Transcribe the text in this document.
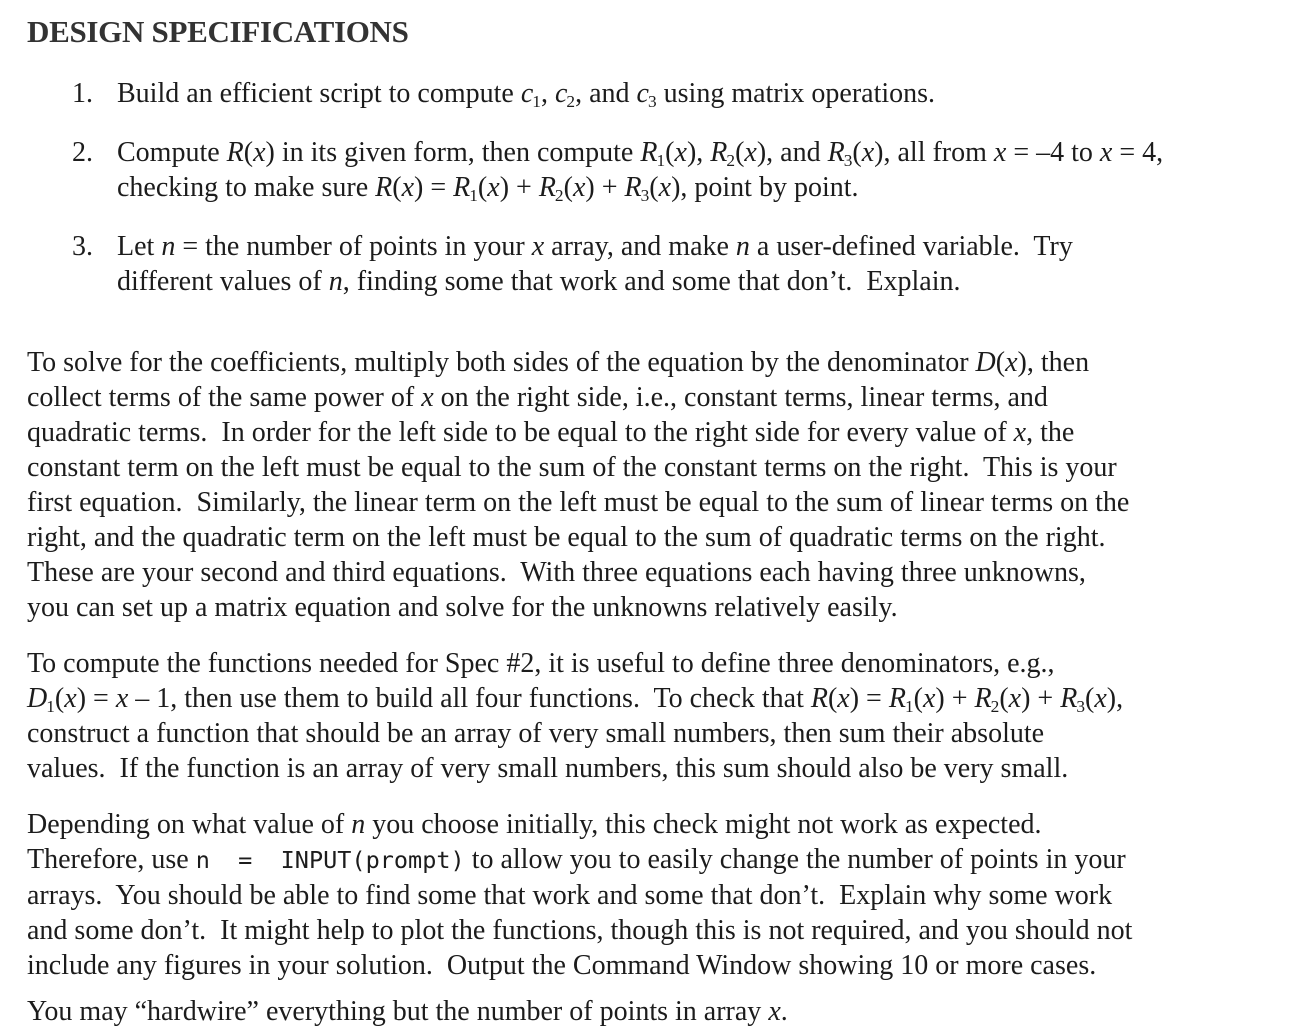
DESIGN SPECIFICATIONS
1. Build an efficient script to compute c1, c2, and c3 using matrix operations.
2. Compute R(x) in its given form, then compute R1(x), R2(x), and R3(x), all from x = –4 to x = 4,
checking to make sure R(x) = R1(x) + R2(x) + R3(x), point by point.
3. Let n = the number of points in your x array, and make n a user-defined variable.  Try
different values of n, finding some that work and some that don’t.  Explain.
To solve for the coefficients, multiply both sides of the equation by the denominator D(x), then
collect terms of the same power of x on the right side, i.e., constant terms, linear terms, and
quadratic terms.  In order for the left side to be equal to the right side for every value of x, the
constant term on the left must be equal to the sum of the constant terms on the right.  This is your
first equation.  Similarly, the linear term on the left must be equal to the sum of linear terms on the
right, and the quadratic term on the left must be equal to the sum of quadratic terms on the right.
These are your second and third equations.  With three equations each having three unknowns,
you can set up a matrix equation and solve for the unknowns relatively easily.
To compute the functions needed for Spec #2, it is useful to define three denominators, e.g.,
D1(x) = x – 1, then use them to build all four functions.  To check that R(x) = R1(x) + R2(x) + R3(x),
construct a function that should be an array of very small numbers, then sum their absolute
values.  If the function is an array of very small numbers, this sum should also be very small.
Depending on what value of n you choose initially, this check might not work as expected.
Therefore, use n  =  INPUT(prompt) to allow you to easily change the number of points in your
arrays.  You should be able to find some that work and some that don’t.  Explain why some work
and some don’t.  It might help to plot the functions, though this is not required, and you should not
include any figures in your solution.  Output the Command Window showing 10 or more cases.
You may “hardwire” everything but the number of points in array x.
